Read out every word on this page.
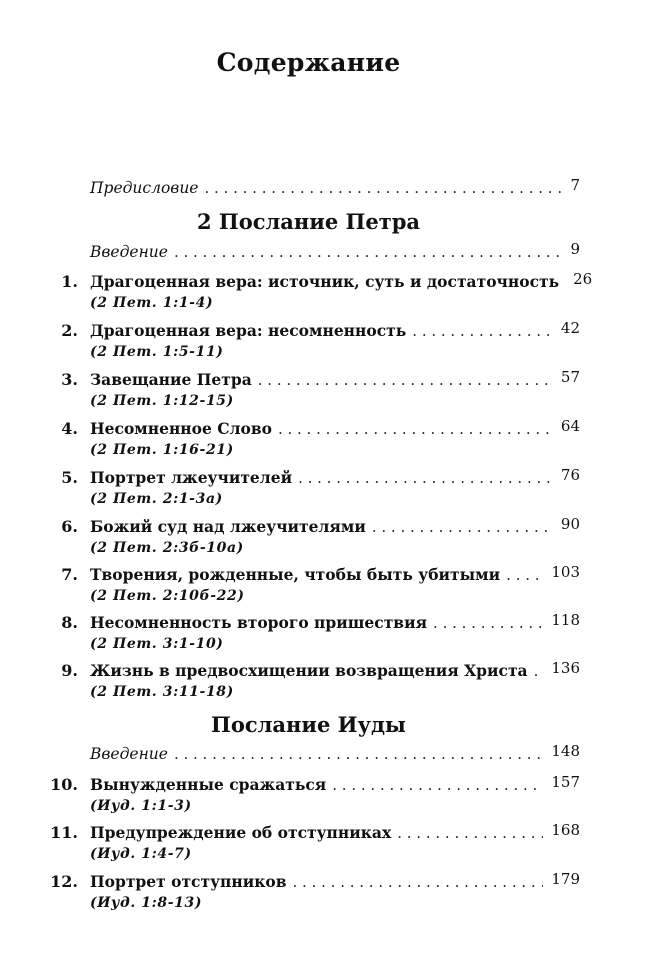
Содержание
Предисловие . . .	7
2 Послание Петра
Введение . . .	9
1. Драгоценная вера: источник, суть и достаточность 26
(2 Пет. 1:1-4)
2. Драгоценная вера: несомненность . . .	42
(2 Пет. 1:5-11)
3. Завещание Петра . . .	57
(2 Пет. 1:12-15)
4. Несомненное Слово . . .	64
(2 Пет. 1:16-21)
5. Портрет лжеучителей . . .	76
(2 Пет. 2:1-3а)
6. Божий суд над лжеучителями . . .	90
(2 Пет. 2:3б-10а)
7. Творения, рожденные, чтобы быть убитыми . . .	103
(2 Пет. 2:10б-22)
8. Несомненность второго пришествия . . .	118
(2 Пет. 3:1-10)
9. Жизнь в предвосхищении возвращения Христа . . . 136
(2 Пет. 3:11-18)
Послание Иуды
Введение . . .	148
10. Вынужденные сражаться . . .	157
(Иуд. 1:1-3)
11. Предупреждение об отступниках . . .	168
(Иуд. 1:4-7)
12. Портрет отступников . . .	179
(Иуд. 1:8-13)
